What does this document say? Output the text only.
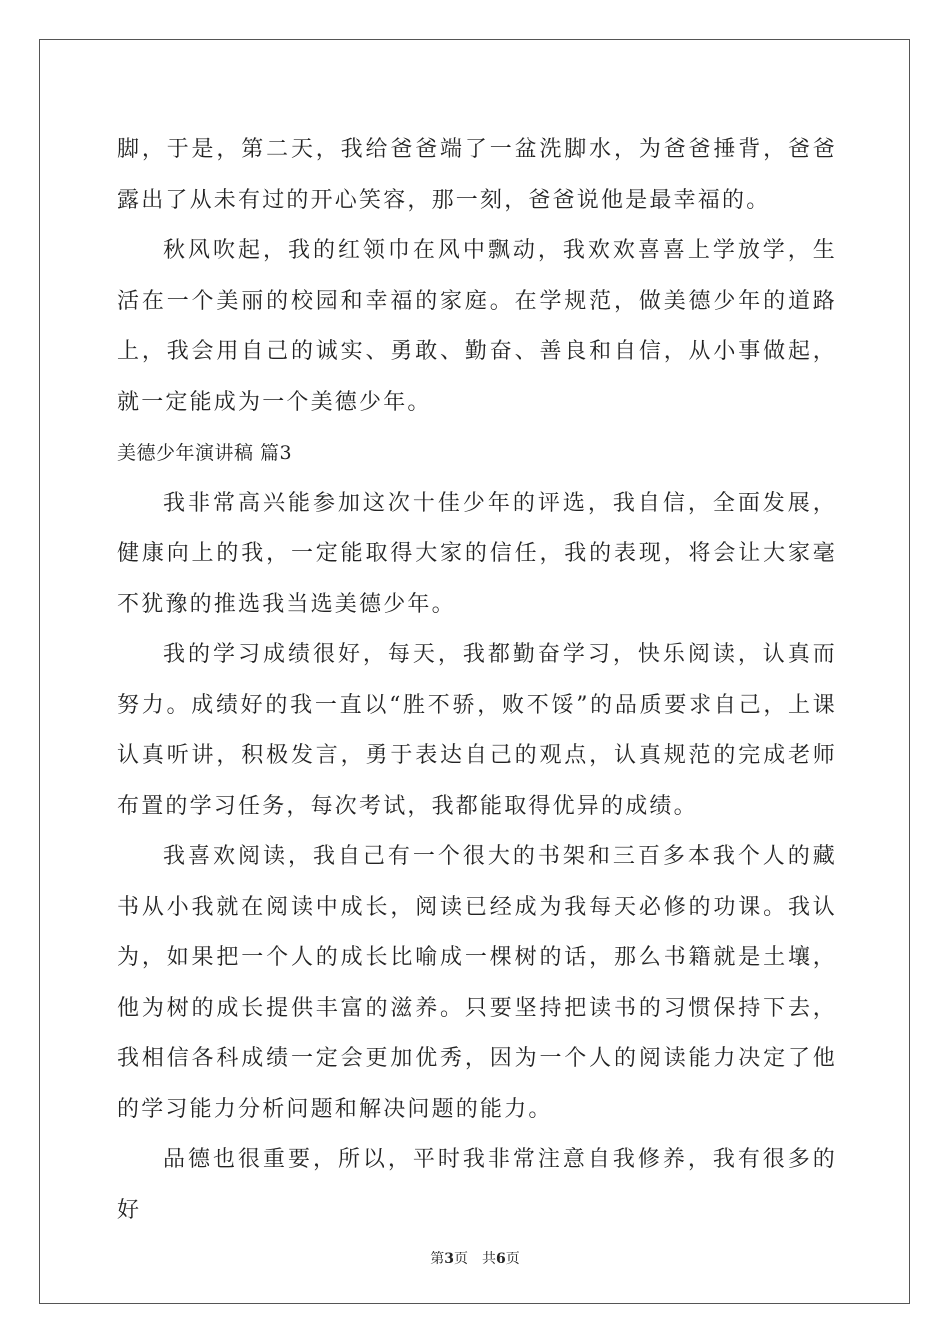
脚，于是，第二天，我给爸爸端了一盆洗脚水，为爸爸捶背，爸爸露出了从未有过的开心笑容，那一刻，爸爸说他是最幸福的。

秋风吹起，我的红领巾在风中飘动，我欢欢喜喜上学放学，生活在一个美丽的校园和幸福的家庭。在学规范，做美德少年的道路上，我会用自己的诚实、勇敢、勤奋、善良和自信，从小事做起，就一定能成为一个美德少年。

美德少年演讲稿 篇3

我非常高兴能参加这次十佳少年的评选，我自信，全面发展，健康向上的我，一定能取得大家的信任，我的表现，将会让大家毫不犹豫的推选我当选美德少年。

我的学习成绩很好，每天，我都勤奋学习，快乐阅读，认真而努力。成绩好的我一直以“胜不骄，败不馁”的品质要求自己，上课认真听讲，积极发言，勇于表达自己的观点，认真规范的完成老师布置的学习任务，每次考试，我都能取得优异的成绩。

我喜欢阅读，我自己有一个很大的书架和三百多本我个人的藏书从小我就在阅读中成长，阅读已经成为我每天必修的功课。我认为，如果把一个人的成长比喻成一棵树的话，那么书籍就是土壤，他为树的成长提供丰富的滋养。只要坚持把读书的习惯保持下去，我相信各科成绩一定会更加优秀，因为一个人的阅读能力决定了他的学习能力分析问题和解决问题的能力。

品德也很重要，所以，平时我非常注意自我修养，我有很多的好

第3页 共6页
